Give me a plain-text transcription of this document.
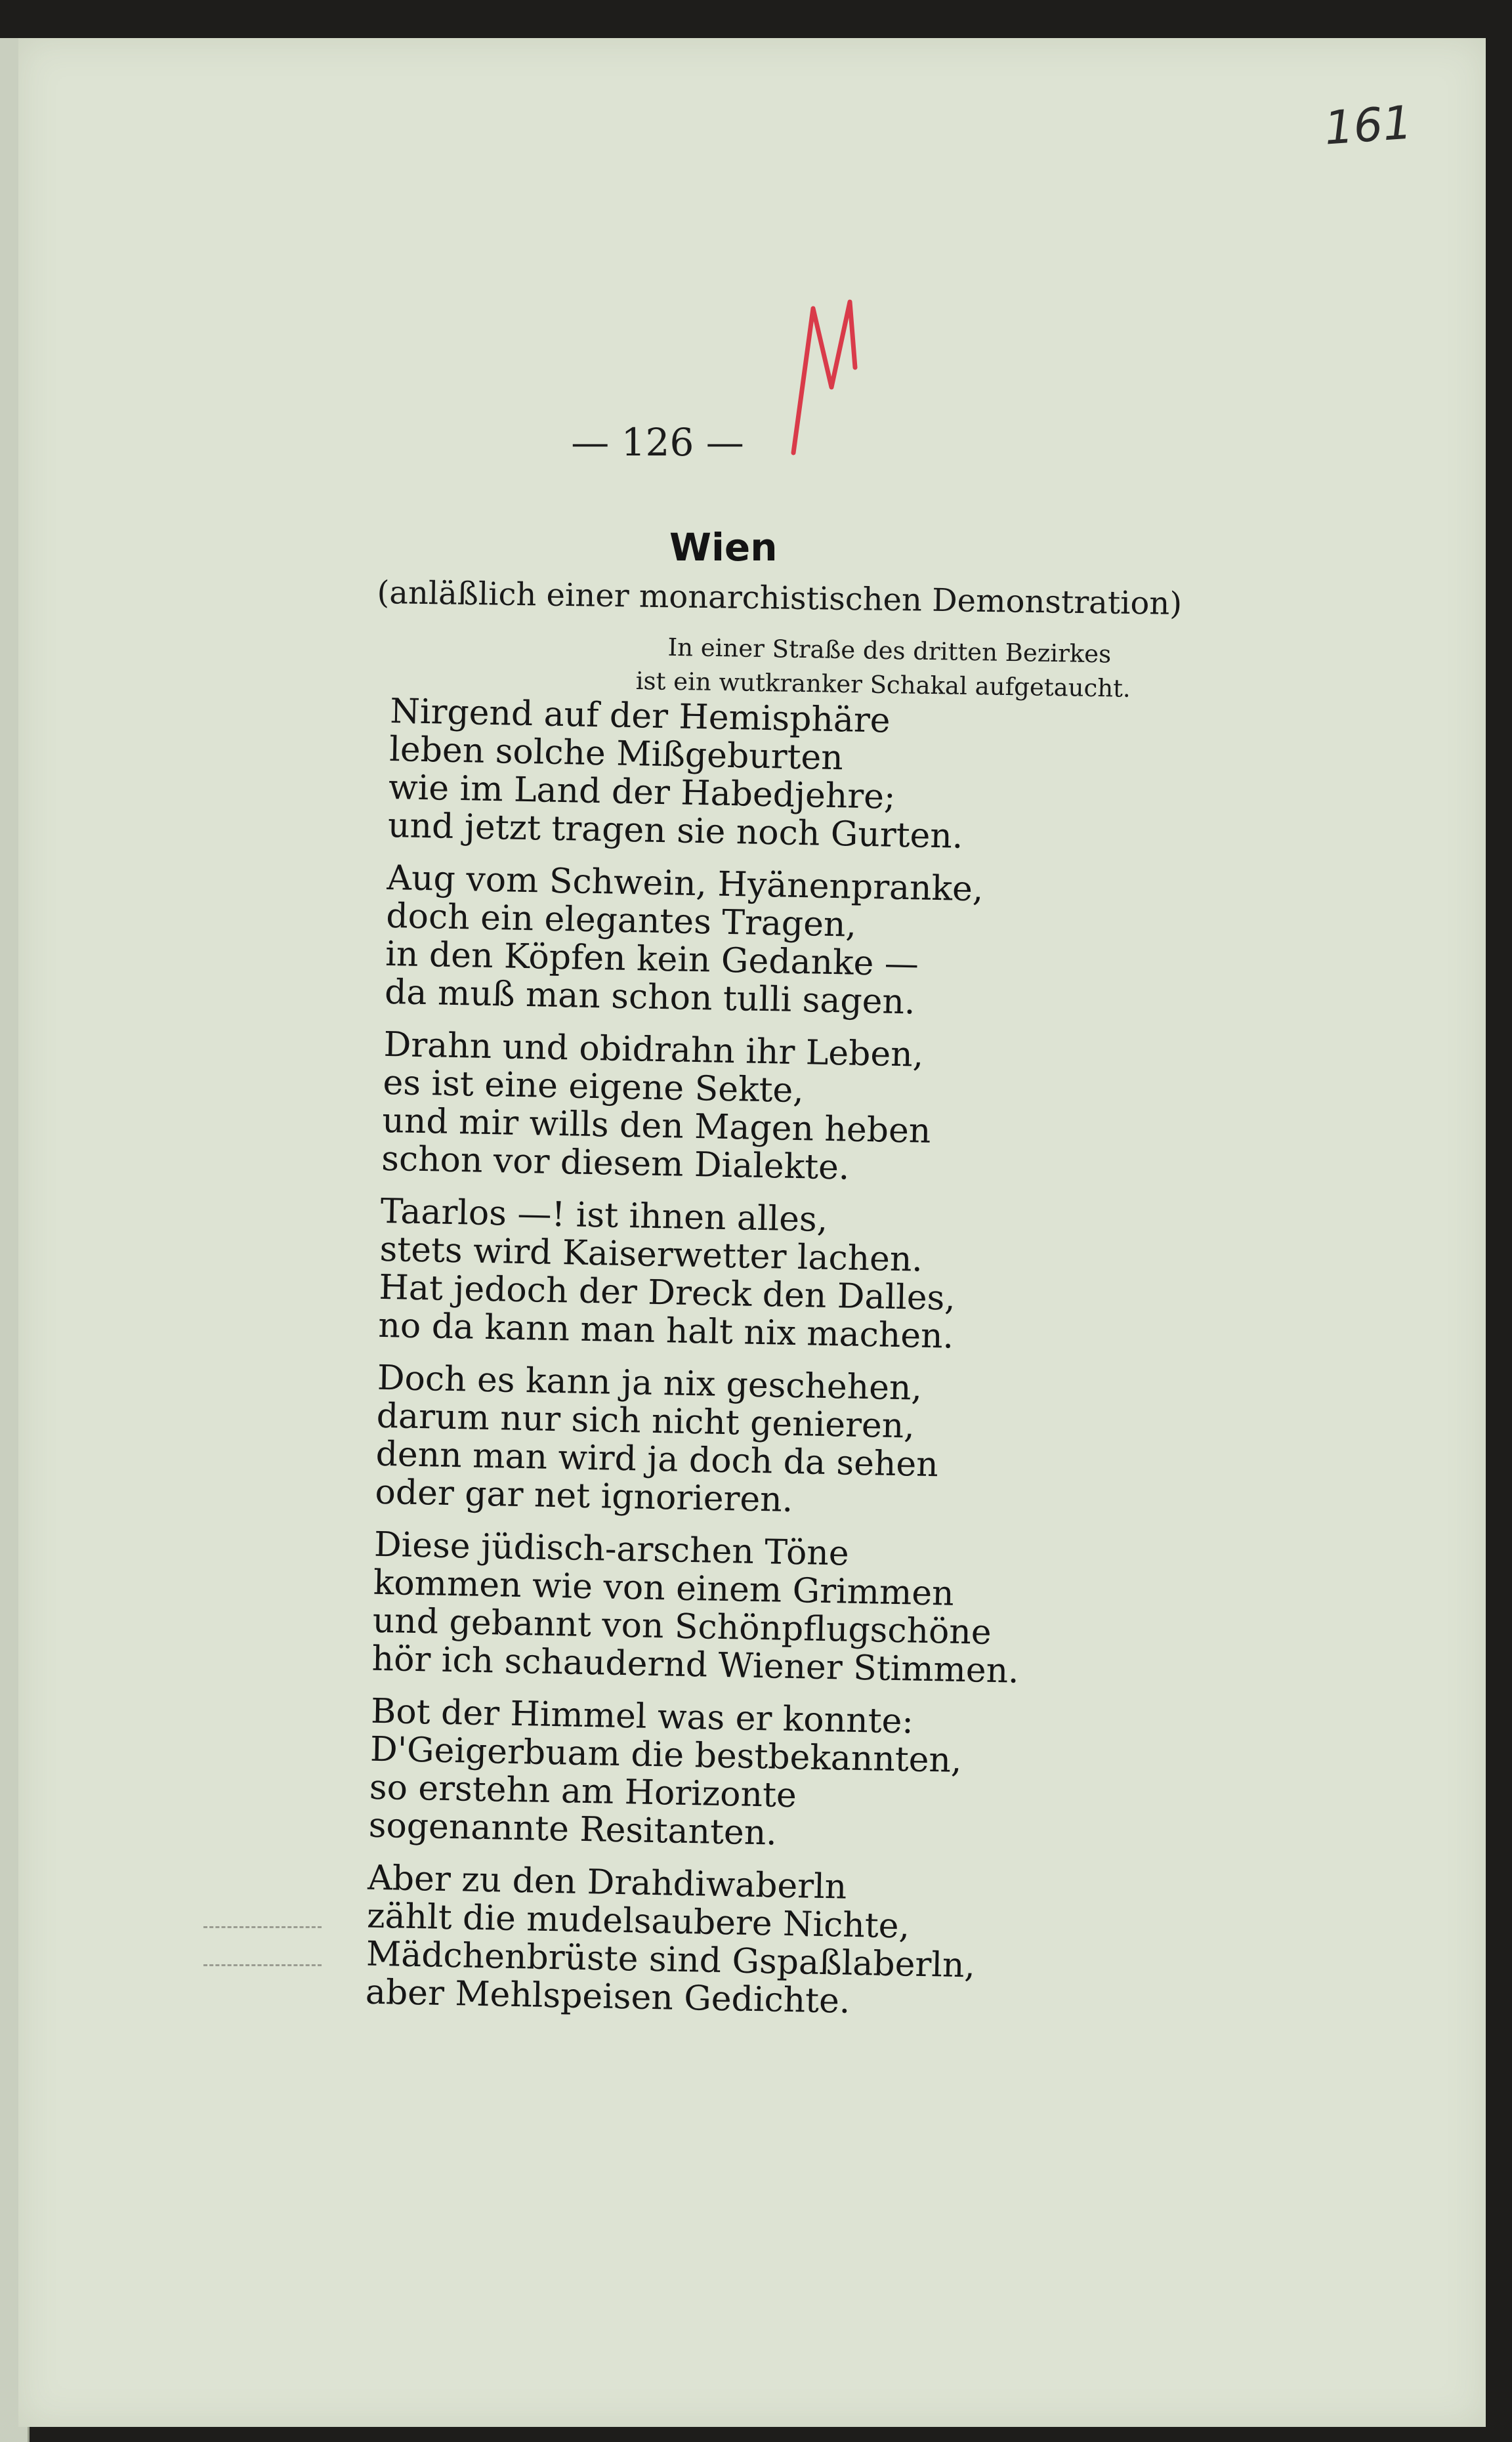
161
— 126 —
Wien
(anläßlich einer monarchistischen Demonstration)
In einer Straße des dritten Bezirkes
ist ein wutkranker Schakal aufgetaucht.
Nirgend auf der Hemisphäre
leben solche Mißgeburten
wie im Land der Habedjehre;
und jetzt tragen sie noch Gurten.
Aug vom Schwein, Hyänenpranke,
doch ein elegantes Tragen,
in den Köpfen kein Gedanke —
da muß man schon tulli sagen.
Drahn und obidrahn ihr Leben,
es ist eine eigene Sekte,
und mir wills den Magen heben
schon vor diesem Dialekte.
Taarlos —! ist ihnen alles,
stets wird Kaiserwetter lachen.
Hat jedoch der Dreck den Dalles,
no da kann man halt nix machen.
Doch es kann ja nix geschehen,
darum nur sich nicht genieren,
denn man wird ja doch da sehen
oder gar net ignorieren.
Diese jüdisch-arschen Töne
kommen wie von einem Grimmen
und gebannt von Schönpflugschöne
hör ich schaudernd Wiener Stimmen.
Bot der Himmel was er konnte:
D'Geigerbuam die bestbekannten,
so erstehn am Horizonte
sogenannte Resitanten.
Aber zu den Drahdiwaberln
zählt die mudelsaubere Nichte,
Mädchenbrüste sind Gspaßlaberln,
aber Mehlspeisen Gedichte.
